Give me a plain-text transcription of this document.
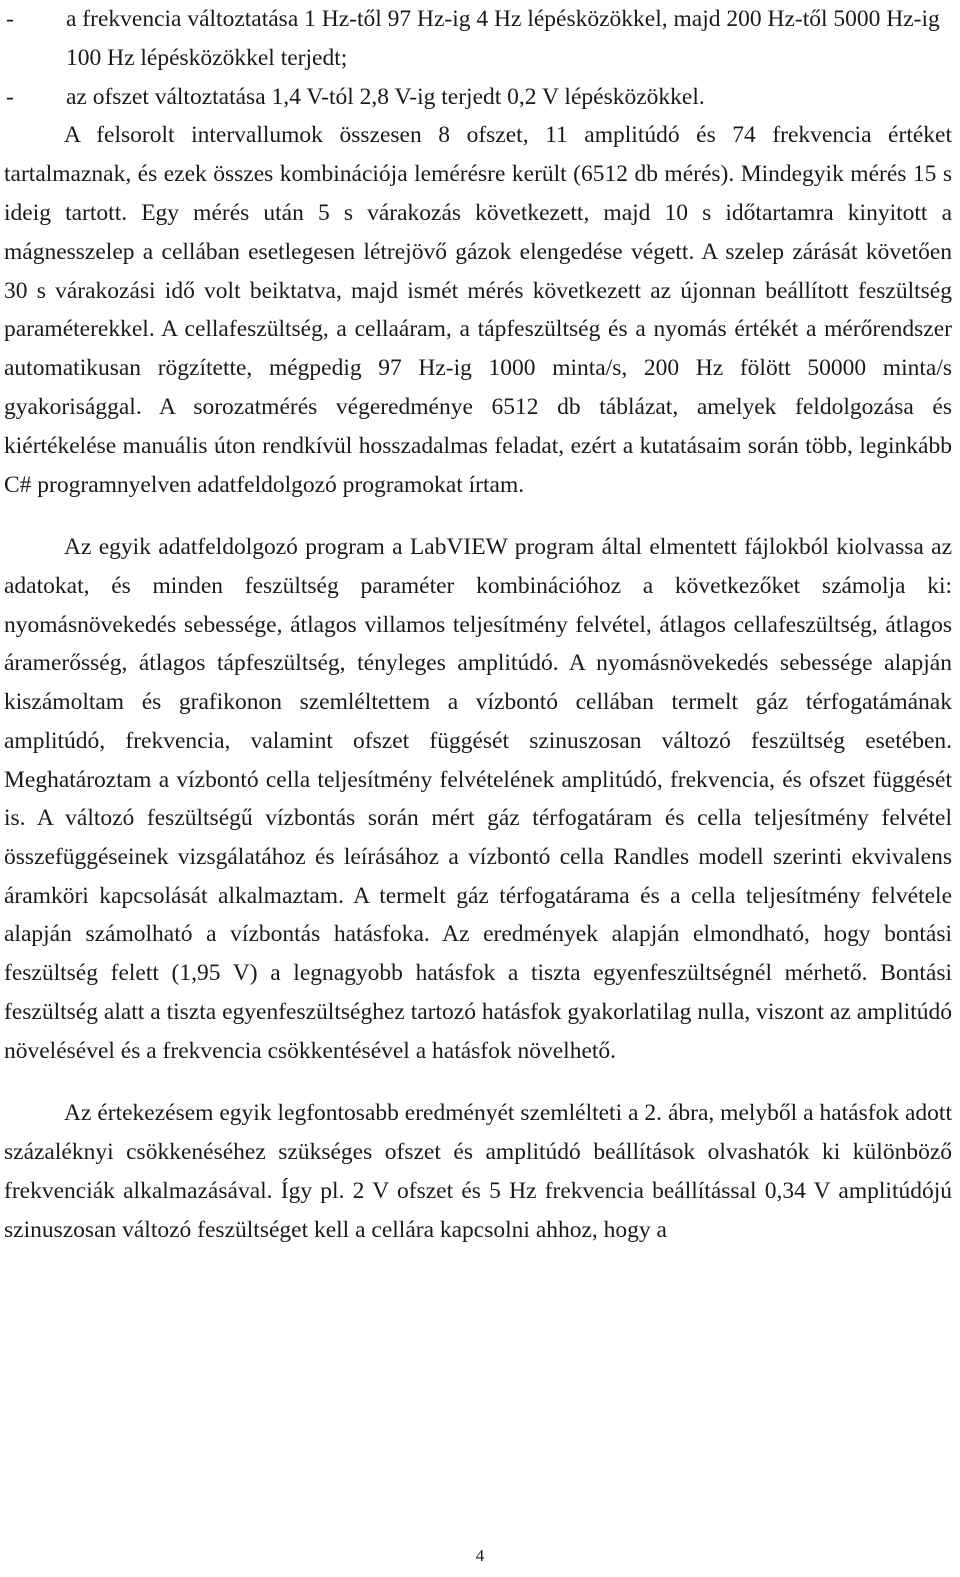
- a frekvencia változtatása 1 Hz-től 97 Hz-ig 4 Hz lépésközökkel, majd 200 Hz-től 5000 Hz-ig 100 Hz lépésközökkel terjedt;

- az ofszet változtatása 1,4 V-tól 2,8 V-ig terjedt 0,2 V lépésközökkel.

A felsorolt intervallumok összesen 8 ofszet, 11 amplitúdó és 74 frekvencia értéket tartalmaznak, és ezek összes kombinációja lemérésre került (6512 db mérés). Mindegyik mérés 15 s ideig tartott. Egy mérés után 5 s várakozás következett, majd 10 s időtartamra kinyitott a mágnesszelep a cellában esetlegesen létrejövő gázok elengedése végett. A szelep zárását követően 30 s várakozási idő volt beiktatva, majd ismét mérés következett az újonnan beállított feszültség paraméterekkel. A cellafeszültség, a cellaáram, a tápfeszültség és a nyomás értékét a mérőrendszer automatikusan rögzítette, mégpedig 97 Hz-ig 1000 minta/s, 200 Hz fölött 50000 minta/s gyakorisággal. A sorozatmérés végeredménye 6512 db táblázat, amelyek feldolgozása és kiértékelése manuális úton rendkívül hosszadalmas feladat, ezért a kutatásaim során több, leginkább C# programnyelven adatfeldolgozó programokat írtam.

Az egyik adatfeldolgozó program a LabVIEW program által elmentett fájlokból kiolvassa az adatokat, és minden feszültség paraméter kombinációhoz a következőket számolja ki: nyomásnövekedés sebessége, átlagos villamos teljesítmény felvétel, átlagos cellafeszültség, átlagos áramerősség, átlagos tápfeszültség, tényleges amplitúdó. A nyomásnövekedés sebessége alapján kiszámoltam és grafikonon szemléltettem a vízbontó cellában termelt gáz térfogatámának amplitúdó, frekvencia, valamint ofszet függését szinuszosan változó feszültség esetében. Meghatároztam a vízbontó cella teljesítmény felvételének amplitúdó, frekvencia, és ofszet függését is. A változó feszültségű vízbontás során mért gáz térfogatáram és cella teljesítmény felvétel összefüggéseinek vizsgálatához és leírásához a vízbontó cella Randles modell szerinti ekvivalens áramköri kapcsolását alkalmaztam. A termelt gáz térfogatárama és a cella teljesítmény felvétele alapján számolható a vízbontás hatásfoka. Az eredmények alapján elmondható, hogy bontási feszültség felett (1,95 V) a legnagyobb hatásfok a tiszta egyenfeszültségnél mérhető. Bontási feszültség alatt a tiszta egyenfeszültséghez tartozó hatásfok gyakorlatilag nulla, viszont az amplitúdó növelésével és a frekvencia csökkentésével a hatásfok növelhető.

Az értekezésem egyik legfontosabb eredményét szemlélteti a 2. ábra, melyből a hatásfok adott százaléknyi csökkenéséhez szükséges ofszet és amplitúdó beállítások olvashatók ki különböző frekvenciák alkalmazásával. Így pl. 2 V ofszet és 5 Hz frekvencia beállítással 0,34 V amplitúdójú szinuszosan változó feszültséget kell a cellára kapcsolni ahhoz, hogy a

4
